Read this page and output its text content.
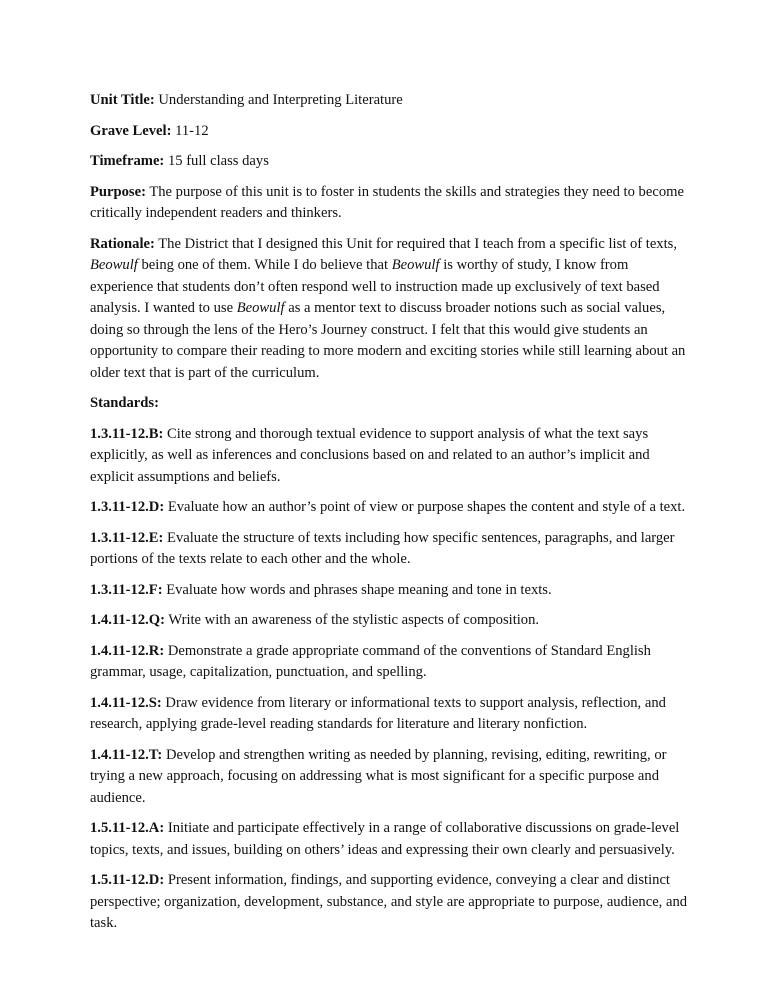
Unit Title: Understanding and Interpreting Literature

Grave Level: 11-12

Timeframe: 15 full class days

Purpose: The purpose of this unit is to foster in students the skills and strategies they need to become critically independent readers and thinkers.

Rationale: The District that I designed this Unit for required that I teach from a specific list of texts, Beowulf being one of them. While I do believe that Beowulf is worthy of study, I know from experience that students don’t often respond well to instruction made up exclusively of text based analysis. I wanted to use Beowulf as a mentor text to discuss broader notions such as social values, doing so through the lens of the Hero’s Journey construct. I felt that this would give students an opportunity to compare their reading to more modern and exciting stories while still learning about an older text that is part of the curriculum.

Standards:

1.3.11-12.B: Cite strong and thorough textual evidence to support analysis of what the text says explicitly, as well as inferences and conclusions based on and related to an author’s implicit and explicit assumptions and beliefs.

1.3.11-12.D: Evaluate how an author’s point of view or purpose shapes the content and style of a text.

1.3.11-12.E: Evaluate the structure of texts including how specific sentences, paragraphs, and larger portions of the texts relate to each other and the whole.

1.3.11-12.F: Evaluate how words and phrases shape meaning and tone in texts.

1.4.11-12.Q: Write with an awareness of the stylistic aspects of composition.

1.4.11-12.R: Demonstrate a grade appropriate command of the conventions of Standard English grammar, usage, capitalization, punctuation, and spelling.

1.4.11-12.S: Draw evidence from literary or informational texts to support analysis, reflection, and research, applying grade-level reading standards for literature and literary nonfiction.

1.4.11-12.T: Develop and strengthen writing as needed by planning, revising, editing, rewriting, or trying a new approach, focusing on addressing what is most significant for a specific purpose and audience.

1.5.11-12.A: Initiate and participate effectively in a range of collaborative discussions on grade-level topics, texts, and issues, building on others’ ideas and expressing their own clearly and persuasively.

1.5.11-12.D: Present information, findings, and supporting evidence, conveying a clear and distinct perspective; organization, development, substance, and style are appropriate to purpose, audience, and task.
